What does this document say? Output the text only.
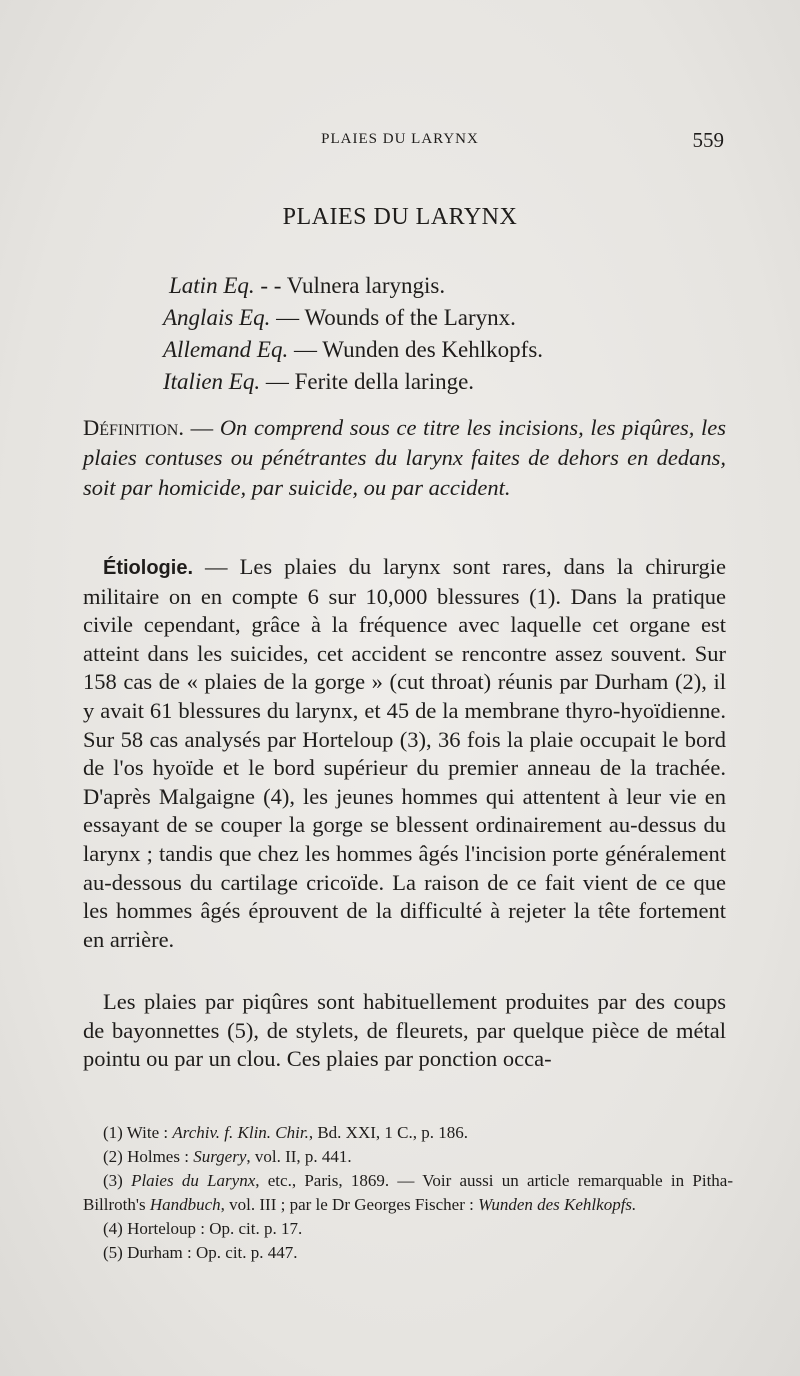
PLAIES DU LARYNX	559
PLAIES DU LARYNX
Latin Eq. - - Vulnera laryngis.
Anglais Eq. — Wounds of the Larynx.
Allemand Eq. — Wunden des Kehlkopfs.
Italien Eq. — Ferite della laringe.
Définition. — On comprend sous ce titre les incisions, les piqûres, les plaies contuses ou pénétrantes du larynx faites de dehors en dedans, soit par homicide, par suicide, ou par accident.
Étiologie. — Les plaies du larynx sont rares, dans la chirurgie militaire on en compte 6 sur 10,000 blessures (1). Dans la pratique civile cependant, grâce à la fréquence avec laquelle cet organe est atteint dans les suicides, cet accident se rencontre assez souvent. Sur 158 cas de « plaies de la gorge » (cut throat) réunis par Durham (2), il y avait 61 blessures du larynx, et 45 de la membrane thyro-hyoïdienne. Sur 58 cas analysés par Horteloup (3), 36 fois la plaie occupait le bord de l'os hyoïde et le bord supérieur du premier anneau de la trachée. D'après Malgaigne (4), les jeunes hommes qui attentent à leur vie en essayant de se couper la gorge se blessent ordinairement au-dessus du larynx ; tandis que chez les hommes âgés l'incision porte généralement au-dessous du cartilage cricoïde. La raison de ce fait vient de ce que les hommes âgés éprouvent de la difficulté à rejeter la tête fortement en arrière.
Les plaies par piqûres sont habituellement produites par des coups de bayonnettes (5), de stylets, de fleurets, par quelque pièce de métal pointu ou par un clou. Ces plaies par ponction occa-
(1) Wite : Archiv. f. Klin. Chir., Bd. XXI, 1 C., p. 186.
(2) Holmes : Surgery, vol. II, p. 441.
(3) Plaies du Larynx, etc., Paris, 1869. — Voir aussi un article remarquable in Pitha-Billroth's Handbuch, vol. III ; par le Dr Georges Fischer : Wunden des Kehlkopfs.
(4) Horteloup : Op. cit. p. 17.
(5) Durham : Op. cit. p. 447.
